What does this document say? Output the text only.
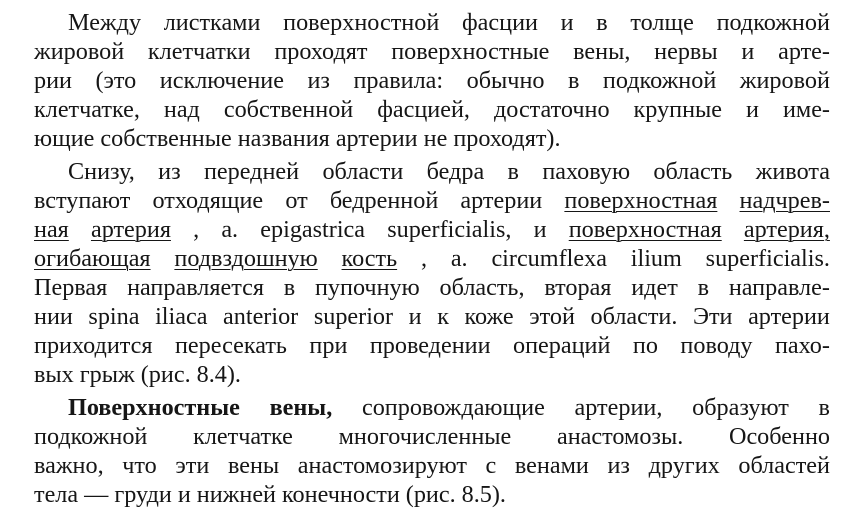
Между листками поверхностной фасции и в толще подкожной
жировой клетчатки проходят поверхностные вены, нервы и арте-
рии (это исключение из правила: обычно в подкожной жировой
клетчатке, над собственной фасцией, достаточно крупные и име-
ющие собственные названия артерии не проходят).
Снизу, из передней области бедра в паховую область живота
вступают отходящие от бедренной артерии поверхностная надчрев-
ная артерия , a. epigastrica superficialis, и поверхностная артерия,
огибающая подвздошную кость , a. circumflexa ilium superficialis.
Первая направляется в пупочную область, вторая идет в направле-
нии spina iliaca anterior superior и к коже этой области. Эти артерии
приходится пересекать при проведении операций по поводу пахо-
вых грыж (рис. 8.4).
Поверхностные вены, сопровождающие артерии, образуют в
подкожной клетчатке многочисленные анастомозы. Особенно
важно, что эти вены анастомозируют с венами из других областей
тела — груди и нижней конечности (рис. 8.5).
